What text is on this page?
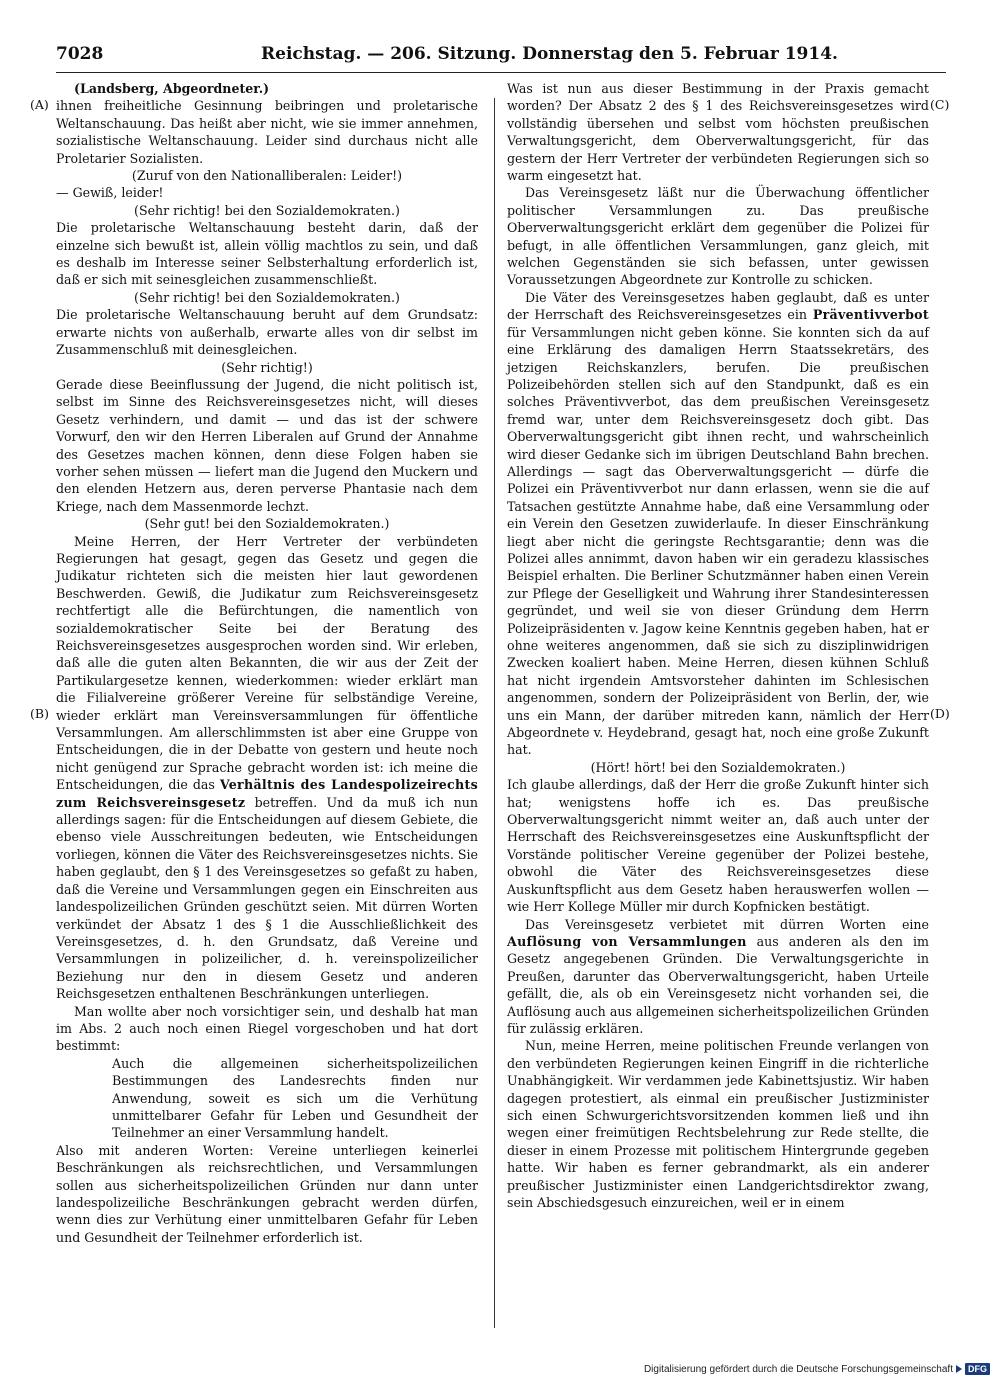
7028	Reichstag. — 206. Sitzung. Donnerstag den 5. Februar 1914.

(Landsberg, Abgeordneter.)

ihnen freiheitliche Gesinnung beibringen und proletarische Weltanschauung. Das heißt aber nicht, wie sie immer annehmen, sozialistische Weltanschauung. Leider sind durchaus nicht alle Proletarier Sozialisten.

(Zuruf von den Nationalliberalen: Leider!)

— Gewiß, leider!

(Sehr richtig! bei den Sozialdemokraten.)

Die proletarische Weltanschauung besteht darin, daß der einzelne sich bewußt ist, allein völlig machtlos zu sein, und daß es deshalb im Interesse seiner Selbsterhaltung erforderlich ist, daß er sich mit seinesgleichen zusammenschließt.

(Sehr richtig! bei den Sozialdemokraten.)

Die proletarische Weltanschauung beruht auf dem Grundsatz: erwarte nichts von außerhalb, erwarte alles von dir selbst im Zusammenschluß mit deinesgleichen.

(Sehr richtig!)

Gerade diese Beeinflussung der Jugend, die nicht politisch ist, selbst im Sinne des Reichsvereinsgesetzes nicht, will dieses Gesetz verhindern, und damit — und das ist der schwere Vorwurf, den wir den Herren Liberalen auf Grund der Annahme des Gesetzes machen können, denn diese Folgen haben sie vorher sehen müssen — liefert man die Jugend den Muckern und den elenden Hetzern aus, deren perverse Phantasie nach dem Kriege, nach dem Massenmorde lechzt.

(Sehr gut! bei den Sozialdemokraten.)

Meine Herren, der Herr Vertreter der verbündeten Regierungen hat gesagt, gegen das Gesetz und gegen die Judikatur richteten sich die meisten hier laut gewordenen Beschwerden. Gewiß, die Judikatur zum Reichsvereinsgesetz rechtfertigt alle die Befürchtungen, die namentlich von sozialdemokratischer Seite bei der Beratung des Reichsvereinsgesetzes ausgesprochen worden sind. Wir erleben, daß alle die guten alten Bekannten, die wir aus der Zeit der Partikulargesetze kennen, wiederkommen: wieder erklärt man die Filialvereine größerer Vereine für selbständige Vereine, wieder erklärt man Vereinsversammlungen für öffentliche Versammlungen. Am allerschlimmsten ist aber eine Gruppe von Entscheidungen, die in der Debatte von gestern und heute noch nicht genügend zur Sprache gebracht worden ist: ich meine die Entscheidungen, die das Verhältnis des Landespolizeirechts zum Reichsvereinsgesetz betreffen. Und da muß ich nun allerdings sagen: für die Entscheidungen auf diesem Gebiete, die ebenso viele Ausschreitungen bedeuten, wie Entscheidungen vorliegen, können die Väter des Reichsvereinsgesetzes nichts. Sie haben geglaubt, den § 1 des Vereinsgesetzes so gefaßt zu haben, daß die Vereine und Versammlungen gegen ein Einschreiten aus landespolizeilichen Gründen geschützt seien. Mit dürren Worten verkündet der Absatz 1 des § 1 die Ausschließlichkeit des Vereinsgesetzes, d. h. den Grundsatz, daß Vereine und Versammlungen in polizeilicher, d. h. vereinspolizeilicher Beziehung nur den in diesem Gesetz und anderen Reichsgesetzen enthaltenen Beschränkungen unterliegen.

Man wollte aber noch vorsichtiger sein, und deshalb hat man im Abs. 2 auch noch einen Riegel vorgeschoben und hat dort bestimmt:

Auch die allgemeinen sicherheitspolizeilichen Bestimmungen des Landesrechts finden nur Anwendung, soweit es sich um die Verhütung unmittelbarer Gefahr für Leben und Gesundheit der Teilnehmer an einer Versammlung handelt.

Also mit anderen Worten: Vereine unterliegen keinerlei Beschränkungen als reichsrechtlichen, und Versammlungen sollen aus sicherheitspolizeilichen Gründen nur dann unter landespolizeiliche Beschränkungen gebracht werden dürfen, wenn dies zur Verhütung einer unmittelbaren Gefahr für Leben und Gesundheit der Teilnehmer erforderlich ist.

Was ist nun aus dieser Bestimmung in der Praxis gemacht worden? Der Absatz 2 des § 1 des Reichsvereinsgesetzes wird vollständig übersehen und selbst vom höchsten preußischen Verwaltungsgericht, dem Oberverwaltungsgericht, für das gestern der Herr Vertreter der verbündeten Regierungen sich so warm eingesetzt hat.

Das Vereinsgesetz läßt nur die Überwachung öffentlicher politischer Versammlungen zu. Das preußische Oberverwaltungsgericht erklärt dem gegenüber die Polizei für befugt, in alle öffentlichen Versammlungen, ganz gleich, mit welchen Gegenständen sie sich befassen, unter gewissen Voraussetzungen Abgeordnete zur Kontrolle zu schicken.

Die Väter des Vereinsgesetzes haben geglaubt, daß es unter der Herrschaft des Reichsvereinsgesetzes ein Präventivverbot für Versammlungen nicht geben könne. Sie konnten sich da auf eine Erklärung des damaligen Herrn Staatssekretärs, des jetzigen Reichskanzlers, berufen. Die preußischen Polizeibehörden stellen sich auf den Standpunkt, daß es ein solches Präventivverbot, das dem preußischen Vereinsgesetz fremd war, unter dem Reichsvereinsgesetz doch gibt. Das Oberverwaltungsgericht gibt ihnen recht, und wahrscheinlich wird dieser Gedanke sich im übrigen Deutschland Bahn brechen. Allerdings — sagt das Oberverwaltungsgericht — dürfe die Polizei ein Präventivverbot nur dann erlassen, wenn sie die auf Tatsachen gestützte Annahme habe, daß eine Versammlung oder ein Verein den Gesetzen zuwiderlaufe. In dieser Einschränkung liegt aber nicht die geringste Rechtsgarantie; denn was die Polizei alles annimmt, davon haben wir ein geradezu klassisches Beispiel erhalten. Die Berliner Schutzmänner haben einen Verein zur Pflege der Geselligkeit und Wahrung ihrer Standesinteressen gegründet, und weil sie von dieser Gründung dem Herrn Polizeipräsidenten v. Jagow keine Kenntnis gegeben haben, hat er ohne weiteres angenommen, daß sie sich zu disziplinwidrigen Zwecken koaliert haben. Meine Herren, diesen kühnen Schluß hat nicht irgendein Amtsvorsteher dahinten im Schlesischen angenommen, sondern der Polizeipräsident von Berlin, der, wie uns ein Mann, der darüber mitreden kann, nämlich der Herr Abgeordnete v. Heydebrand, gesagt hat, noch eine große Zukunft hat.

(Hört! hört! bei den Sozialdemokraten.)

Ich glaube allerdings, daß der Herr die große Zukunft hinter sich hat; wenigstens hoffe ich es. Das preußische Oberverwaltungsgericht nimmt weiter an, daß auch unter der Herrschaft des Reichsvereinsgesetzes eine Auskunftspflicht der Vorstände politischer Vereine gegenüber der Polizei bestehe, obwohl die Väter des Reichsvereinsgesetzes diese Auskunftspflicht aus dem Gesetz haben herauswerfen wollen — wie Herr Kollege Müller mir durch Kopfnicken bestätigt.

Das Vereinsgesetz verbietet mit dürren Worten eine Auflösung von Versammlungen aus anderen als den im Gesetz angegebenen Gründen. Die Verwaltungsgerichte in Preußen, darunter das Oberverwaltungsgericht, haben Urteile gefällt, die, als ob ein Vereinsgesetz nicht vorhanden sei, die Auflösung auch aus allgemeinen sicherheitspolizeilichen Gründen für zulässig erklären.

Nun, meine Herren, meine politischen Freunde verlangen von den verbündeten Regierungen keinen Eingriff in die richterliche Unabhängigkeit. Wir verdammen jede Kabinettsjustiz. Wir haben dagegen protestiert, als einmal ein preußischer Justizminister sich einen Schwurgerichtsvorsitzenden kommen ließ und ihn wegen einer freimütigen Rechtsbelehrung zur Rede stellte, die dieser in einem Prozesse mit politischem Hintergrunde gegeben hatte. Wir haben es ferner gebrandmarkt, als ein anderer preußischer Justizminister einen Landgerichtsdirektor zwang, sein Abschiedsgesuch einzureichen, weil er in einem

(A)
(B)
(C)
(D)
Digitalisierung gefördert durch die Deutsche Forschungsgemeinschaft	DFG
